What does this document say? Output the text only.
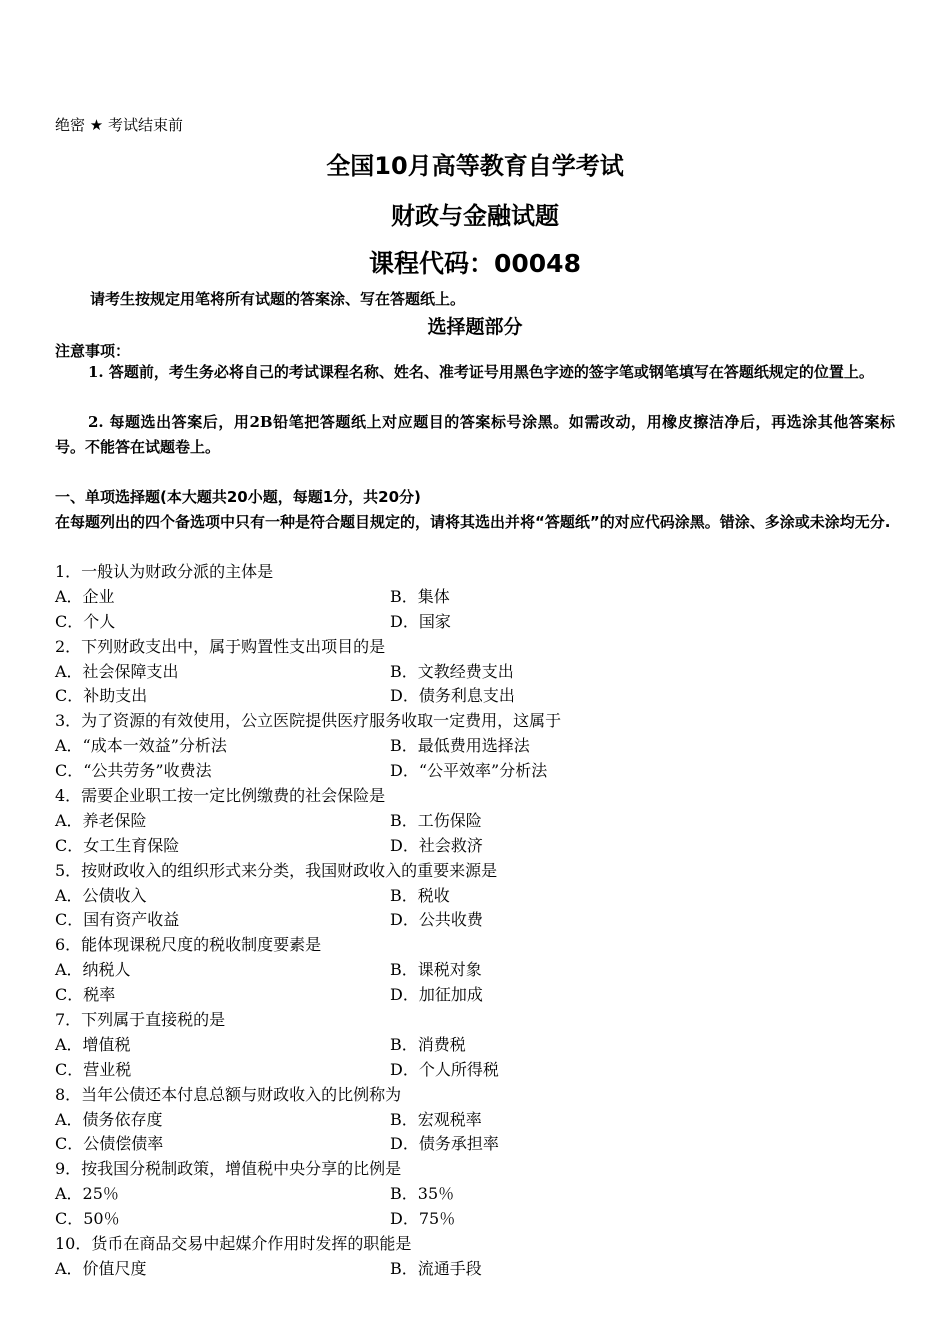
绝密 ★ 考试结束前
全国10月高等教育自学考试
财政与金融试题
课程代码：00048
请考生按规定用笔将所有试题的答案涂、写在答题纸上。
选择题部分
注意事项：
1. 答题前，考生务必将自己的考试课程名称、姓名、准考证号用黑色字迹的签字笔或钢笔填写在答题纸规定的位置上。
2. 每题选出答案后，用2B铅笔把答题纸上对应题目的答案标号涂黑。如需改动，用橡皮擦洁净后，再选涂其他答案标号。不能答在试题卷上。
一、单项选择题(本大题共20小题，每题1分，共20分)
在每题列出的四个备选项中只有一种是符合题目规定的，请将其选出并将“答题纸”的对应代码涂黑。错涂、多涂或未涂均无分.
1．一般认为财政分派的主体是
A．企业	B．集体
C．个人	D．国家
2．下列财政支出中，属于购置性支出项目的是
A．社会保障支出	B．文教经费支出
C．补助支出	D．债务利息支出
3．为了资源的有效使用，公立医院提供医疗服务收取一定费用，这属于
A．“成本一效益”分析法	B．最低费用选择法
C．“公共劳务”收费法	D．“公平效率”分析法
4．需要企业职工按一定比例缴费的社会保险是
A．养老保险	B．工伤保险
C．女工生育保险	D．社会救济
5．按财政收入的组织形式来分类，我国财政收入的重要来源是
A．公债收入	B．税收
C．国有资产收益	D．公共收费
6．能体现课税尺度的税收制度要素是
A．纳税人	B．课税对象
C．税率	D．加征加成
7．下列属于直接税的是
A．增值税	B．消费税
C．营业税	D．个人所得税
8．当年公债还本付息总额与财政收入的比例称为
A．债务依存度	B．宏观税率
C．公债偿债率	D．债务承担率
9．按我国分税制政策，增值税中央分享的比例是
A．25％	B．35％
C．50％	D．75％
10．货币在商品交易中起媒介作用时发挥的职能是
A．价值尺度	B．流通手段
